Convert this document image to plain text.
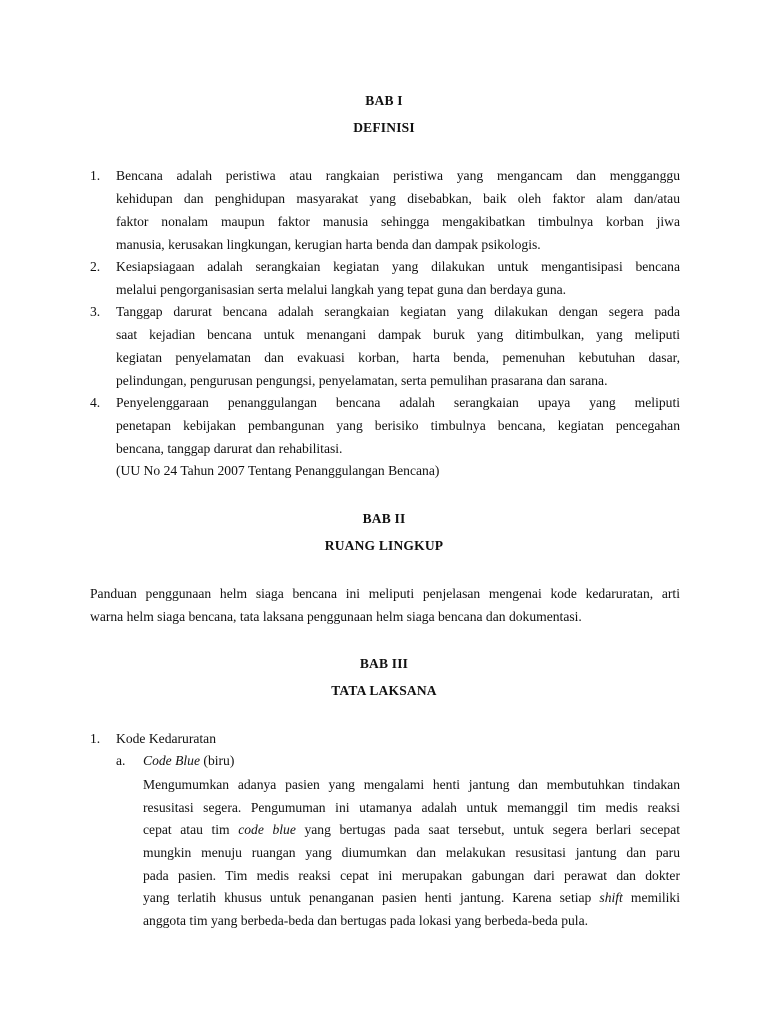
BAB I
DEFINISI
1. Bencana adalah peristiwa atau rangkaian peristiwa yang mengancam dan mengganggu
kehidupan dan penghidupan masyarakat yang disebabkan, baik oleh faktor alam dan/atau
faktor nonalam maupun faktor manusia sehingga mengakibatkan timbulnya korban jiwa
manusia, kerusakan lingkungan, kerugian harta benda dan dampak psikologis.
2. Kesiapsiagaan adalah serangkaian kegiatan yang dilakukan untuk mengantisipasi bencana
melalui pengorganisasian serta melalui langkah yang tepat guna dan berdaya guna.
3. Tanggap darurat bencana adalah serangkaian kegiatan yang dilakukan dengan segera pada
saat kejadian bencana untuk menangani dampak buruk yang ditimbulkan, yang meliputi
kegiatan penyelamatan dan evakuasi korban, harta benda, pemenuhan kebutuhan dasar,
pelindungan, pengurusan pengungsi, penyelamatan, serta pemulihan prasarana dan sarana.
4. Penyelenggaraan penanggulangan bencana adalah serangkaian upaya yang meliputi
penetapan kebijakan pembangunan yang berisiko timbulnya bencana, kegiatan pencegahan
bencana, tanggap darurat dan rehabilitasi.
(UU No 24 Tahun 2007 Tentang Penanggulangan Bencana)
BAB II
RUANG LINGKUP
Panduan penggunaan helm siaga bencana ini meliputi penjelasan mengenai kode kedaruratan, arti
warna helm siaga bencana, tata laksana penggunaan helm siaga bencana dan dokumentasi.
BAB III
TATA LAKSANA
1. Kode Kedaruratan
a. Code Blue (biru)
Mengumumkan adanya pasien yang mengalami henti jantung dan membutuhkan tindakan
resusitasi segera. Pengumuman ini utamanya adalah untuk memanggil tim medis reaksi
cepat atau tim code blue yang bertugas pada saat tersebut, untuk segera berlari secepat
mungkin menuju ruangan yang diumumkan dan melakukan resusitasi jantung dan paru
pada pasien. Tim medis reaksi cepat ini merupakan gabungan dari perawat dan dokter
yang terlatih khusus untuk penanganan pasien henti jantung. Karena setiap shift memiliki
anggota tim yang berbeda-beda dan bertugas pada lokasi yang berbeda-beda pula.
